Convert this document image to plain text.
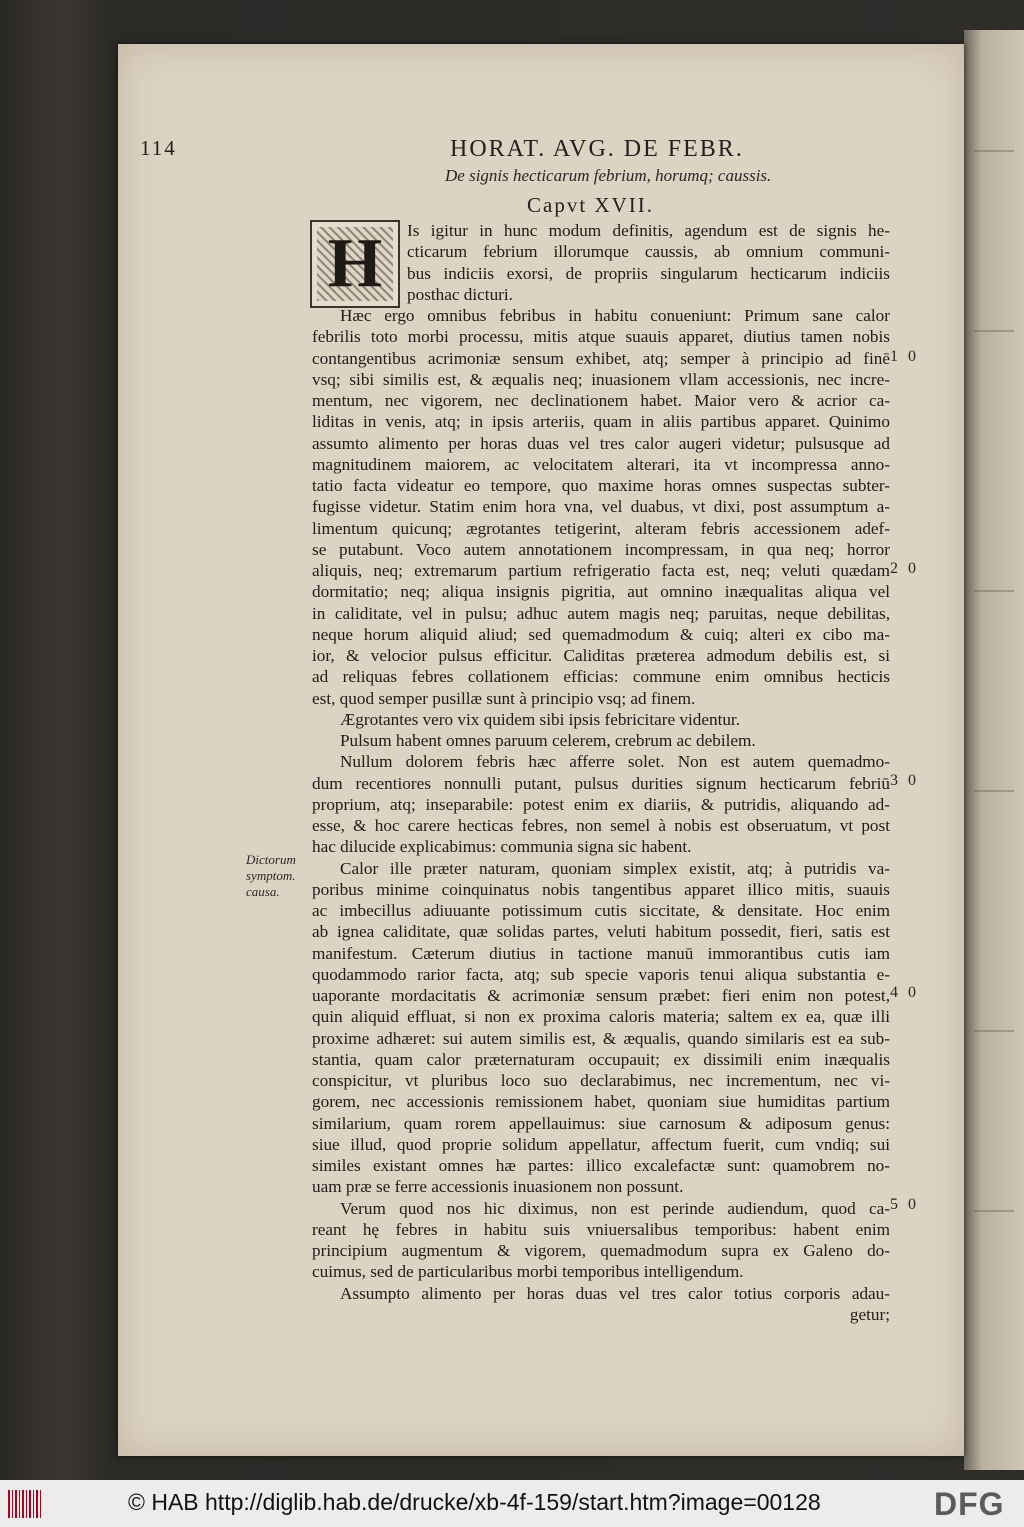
114	HORAT. AVG. DE FEBR.
De signis hecticarum febrium, horumq; caussis.
Capvt XVII.
H	Is igitur in hunc modum definitis, agendum est de signis he-
cticarum febrium illorumque caussis, ab omnium communi-
bus indiciis exorsi, de propriis singularum hecticarum indiciis
posthac dicturi.
Hæc ergo omnibus febribus in habitu conueniunt: Primum sane calor
febrilis toto morbi processu, mitis atque suauis apparet, diutius tamen nobis
contangentibus acrimoniæ sensum exhibet, atq; semper à principio ad finē
vsq; sibi similis est, & æqualis neq; inuasionem vllam accessionis, nec incre-
mentum, nec vigorem, nec declinationem habet. Maior vero & acrior ca-
liditas in venis, atq; in ipsis arteriis, quam in aliis partibus apparet. Quinimo
assumto alimento per horas duas vel tres calor augeri videtur; pulsusque ad
magnitudinem maiorem, ac velocitatem alterari, ita vt incompressa anno-
tatio facta videatur eo tempore, quo maxime horas omnes suspectas subter-
fugisse videtur. Statim enim hora vna, vel duabus, vt dixi, post assumptum a-
limentum quicunq; ægrotantes tetigerint, alteram febris accessionem adef-
se putabunt. Voco autem annotationem incompressam, in qua neq; horror
aliquis, neq; extremarum partium refrigeratio facta est, neq; veluti quædam
dormitatio; neq; aliqua insignis pigritia, aut omnino inæqualitas aliqua vel
in caliditate, vel in pulsu; adhuc autem magis neq; paruitas, neque debilitas,
neque horum aliquid aliud; sed quemadmodum & cuiq; alteri ex cibo ma-
ior, & velocior pulsus efficitur. Caliditas præterea admodum debilis est, si
ad reliquas febres collationem efficias: commune enim omnibus hecticis
est, quod semper pusillæ sunt à principio vsq; ad finem.
Ægrotantes vero vix quidem sibi ipsis febricitare videntur.
Pulsum habent omnes paruum celerem, crebrum ac debilem.
Nullum dolorem febris hæc afferre solet. Non est autem quemadmo-
dum recentiores nonnulli putant, pulsus durities signum hecticarum febriū
proprium, atq; inseparabile: potest enim ex diariis, & putridis, aliquando ad-
esse, & hoc carere hecticas febres, non semel à nobis est obseruatum, vt post
hac dilucide explicabimus: communia signa sic habent.
Calor ille præter naturam, quoniam simplex existit, atq; à putridis va-
poribus minime coinquinatus nobis tangentibus apparet illico mitis, suauis
ac imbecillus adiuuante potissimum cutis siccitate, & densitate. Hoc enim
ab ignea caliditate, quæ solidas partes, veluti habitum possedit, fieri, satis est
manifestum. Cæterum diutius in tactione manuū immorantibus cutis iam
quodammodo rarior facta, atq; sub specie vaporis tenui aliqua substantia e-
uaporante mordacitatis & acrimoniæ sensum præbet: fieri enim non potest,
quin aliquid effluat, si non ex proxima caloris materia; saltem ex ea, quæ illi
proxime adhæret: sui autem similis est, & æqualis, quando similaris est ea sub-
stantia, quam calor præternaturam occupauit; ex dissimili enim inæqualis
conspicitur, vt pluribus loco suo declarabimus, nec incrementum, nec vi-
gorem, nec accessionis remissionem habet, quoniam siue humiditas partium
similarium, quam rorem appellauimus: siue carnosum & adiposum genus:
siue illud, quod proprie solidum appellatur, affectum fuerit, cum vndiq; sui
similes existant omnes hæ partes: illico excalefactæ sunt: quamobrem no-
uam præ se ferre accessionis inuasionem non possunt.
Verum quod nos hic diximus, non est perinde audiendum, quod ca-
reant hę febres in habitu suis vniuersalibus temporibus: habent enim
principium augmentum & vigorem, quemadmodum supra ex Galeno do-
cuimus, sed de particularibus morbi temporibus intelligendum.
Assumpto alimento per horas duas vel tres calor totius corporis adau-
getur;
Dictorum
symptom.
causa.
1 0
2 0
3 0
4 0
5 0
© HAB http://diglib.hab.de/drucke/xb-4f-159/start.htm?image=00128	DFG
